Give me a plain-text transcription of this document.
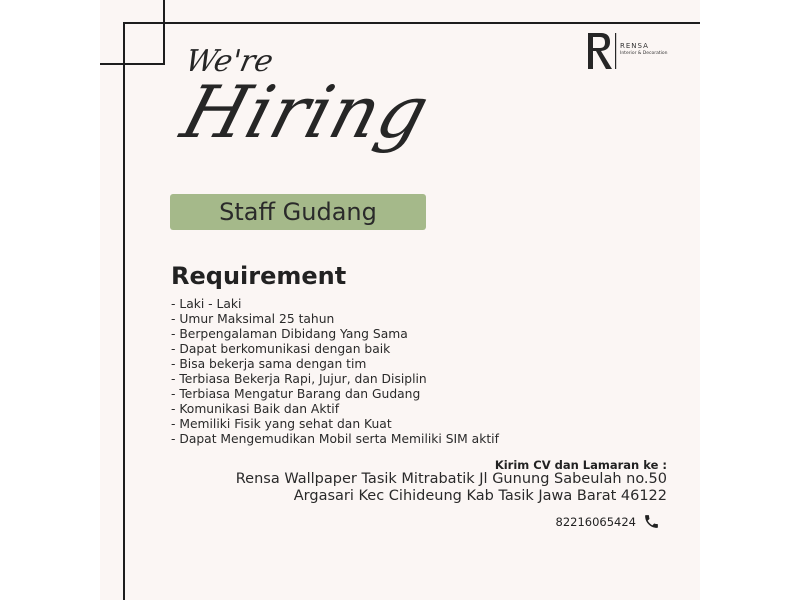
RENSA
Interior & Decoration
We're
Hiring
Staff Gudang
Requirement
- Laki - Laki
- Umur Maksimal 25 tahun
- Berpengalaman Dibidang Yang Sama
- Dapat berkomunikasi dengan baik
- Bisa bekerja sama dengan tim
- Terbiasa Bekerja Rapi, Jujur, dan Disiplin
- Terbiasa Mengatur Barang dan Gudang
- Komunikasi Baik dan Aktif
- Memiliki Fisik yang sehat dan Kuat
- Dapat Mengemudikan Mobil serta Memiliki SIM aktif
Kirim CV dan Lamaran ke :
Rensa Wallpaper Tasik Mitrabatik Jl Gunung Sabeulah no.50
Argasari Kec Cihideung Kab Tasik Jawa Barat 46122
82216065424
